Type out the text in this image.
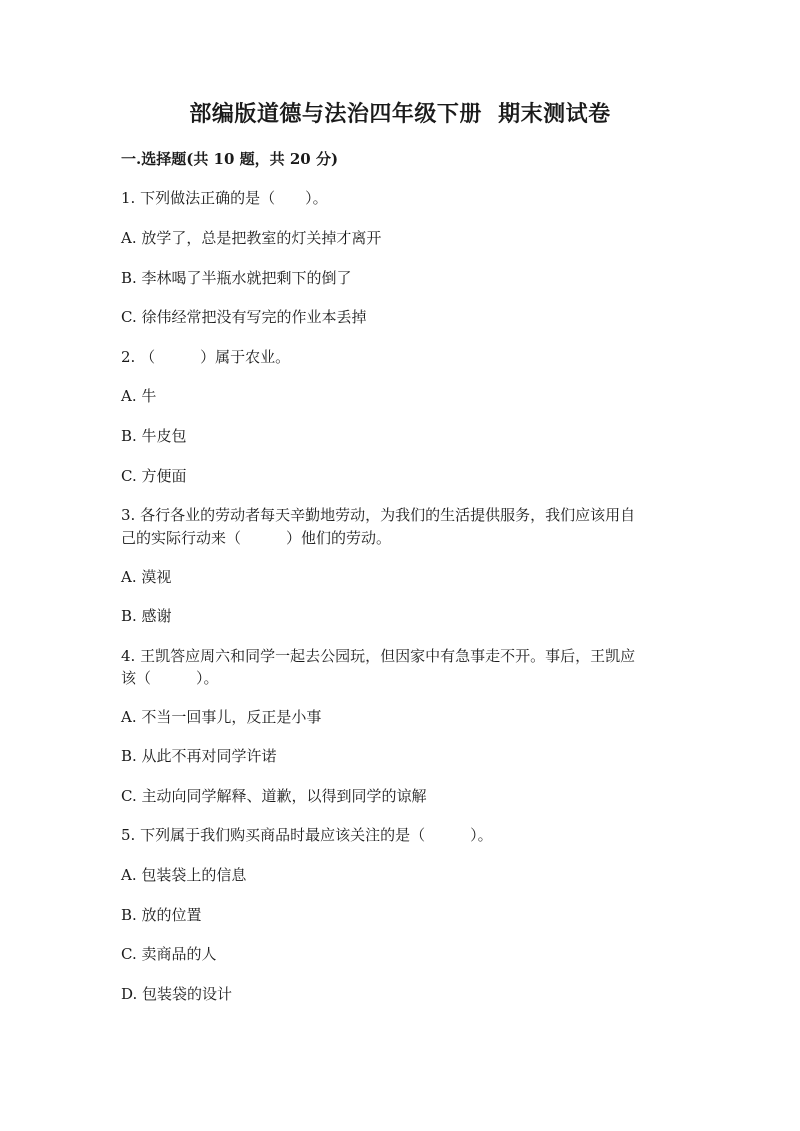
部编版道德与法治四年级下册  期末测试卷
一.选择题(共 10 题，共 20 分)
1. 下列做法正确的是（　　）。
A. 放学了，总是把教室的灯关掉才离开
B. 李林喝了半瓶水就把剩下的倒了
C. 徐伟经常把没有写完的作业本丢掉
2. （　　　）属于农业。
A. 牛
B. 牛皮包
C. 方便面
3. 各行各业的劳动者每天辛勤地劳动，为我们的生活提供服务，我们应该用自
己的实际行动来（　　　）他们的劳动。
A. 漠视
B. 感谢
4. 王凯答应周六和同学一起去公园玩，但因家中有急事走不开。事后，王凯应
该（　　　）。
A. 不当一回事儿，反正是小事
B. 从此不再对同学许诺
C. 主动向同学解释、道歉，以得到同学的谅解
5. 下列属于我们购买商品时最应该关注的是（　　　）。
A. 包装袋上的信息
B. 放的位置
C. 卖商品的人
D. 包装袋的设计
